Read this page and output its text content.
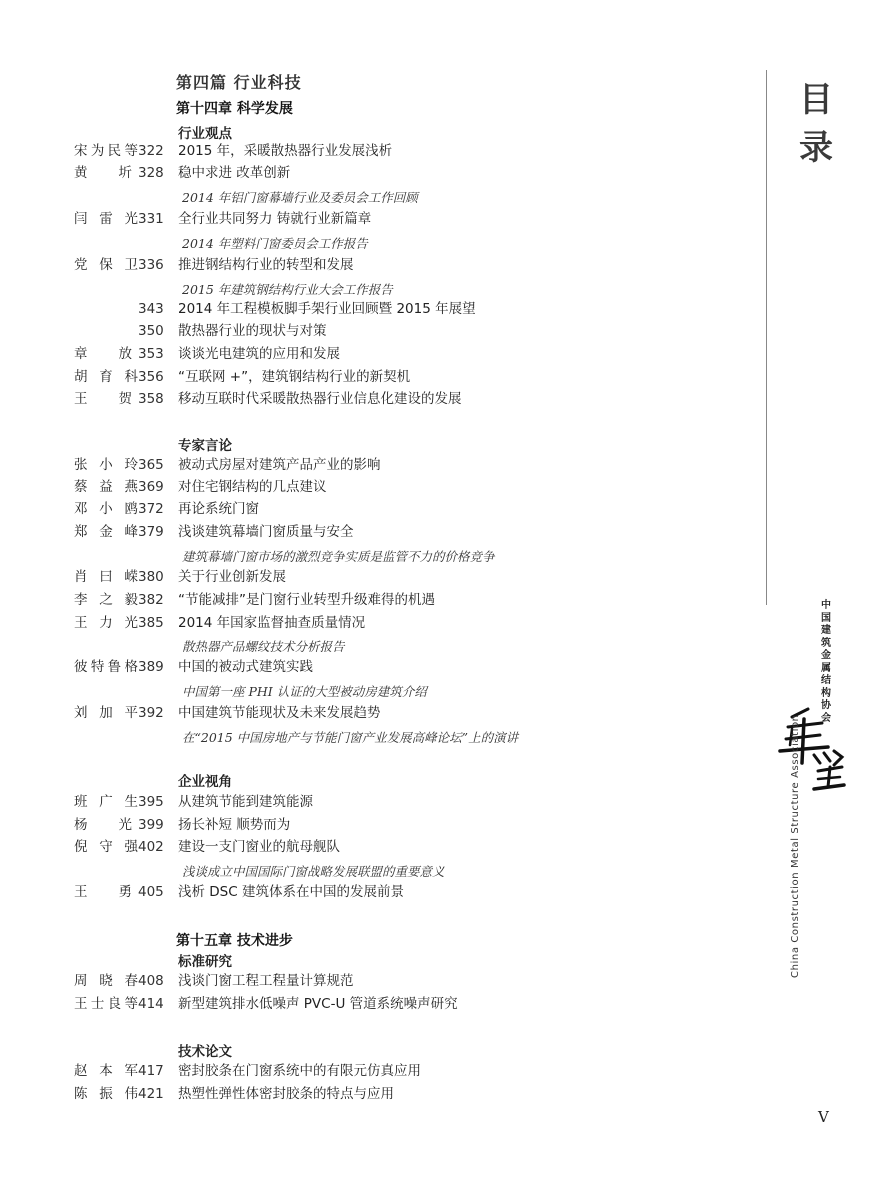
第四篇 行业科技
第十四章 科学发展
行业观点
宋为民等 322 2015 年，采暖散热器行业发展浅析
黄 圻 328 稳中求进 改革创新
2014 年铝门窗幕墙行业及委员会工作回顾
闫雷光 331 全行业共同努力 铸就行业新篇章
2014 年塑料门窗委员会工作报告
党保卫 336 推进钢结构行业的转型和发展
2015 年建筑钢结构行业大会工作报告
343 2014 年工程模板脚手架行业回顾暨 2015 年展望
350 散热器行业的现状与对策
章 放 353 谈谈光电建筑的应用和发展
胡育科 356 “互联网 +”，建筑钢结构行业的新契机
王 贺 358 移动互联时代采暖散热器行业信息化建设的发展
专家言论
张小玲 365 被动式房屋对建筑产品产业的影响
蔡益燕 369 对住宅钢结构的几点建议
邓小鸥 372 再论系统门窗
郑金峰 379 浅谈建筑幕墙门窗质量与安全
建筑幕墙门窗市场的激烈竞争实质是监管不力的价格竞争
肖曰嵘 380 关于行业创新发展
李之毅 382 “节能减排”是门窗行业转型升级难得的机遇
王力光 385 2014 年国家监督抽查质量情况
散热器产品螺纹技术分析报告
彼特鲁格 389 中国的被动式建筑实践
中国第一座 PHI 认证的大型被动房建筑介绍
刘加平 392 中国建筑节能现状及未来发展趋势
在“2015 中国房地产与节能门窗产业发展高峰论坛”上的演讲
企业视角
班广生 395 从建筑节能到建筑能源
杨 光 399 扬长补短 顺势而为
倪守强 402 建设一支门窗业的航母舰队
浅谈成立中国国际门窗战略发展联盟的重要意义
王 勇 405 浅析 DSC 建筑体系在中国的发展前景
第十五章 技术进步
标准研究
周晓春 408 浅谈门窗工程工程量计算规范
王士良等 414 新型建筑排水低噪声 PVC-U 管道系统噪声研究
技术论文
赵本军 417 密封胶条在门窗系统中的有限元仿真应用
陈振伟 421 热塑性弹性体密封胶条的特点与应用
目录
中国建筑金属结构协会
China Construction Metal Structure Association
V
